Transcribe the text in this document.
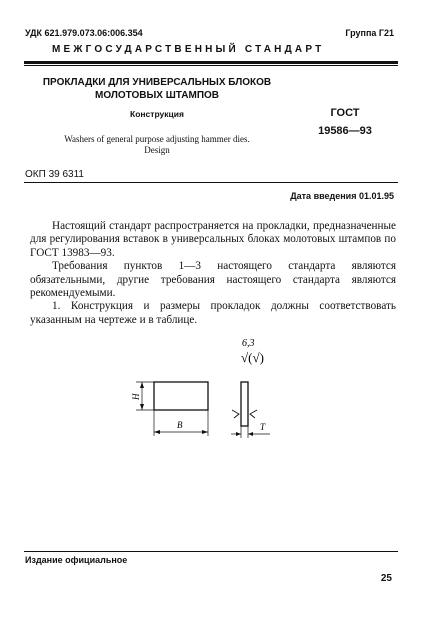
УДК 621.979.073.06:006.354	Группа Г21
МЕЖГОСУДАРСТВЕННЫЙ СТАНДАРТ
ПРОКЛАДКИ ДЛЯ УНИВЕРСАЛЬНЫХ БЛОКОВ
МОЛОТОВЫХ ШТАМПОВ
ГОСТ
19586—93
Конструкция
Washers of general purpose adjusting hammer dies.
Design
ОКП 39 6311
Дата введения 01.01.95

Настоящий стандарт распространяется на прокладки, предназначенные для регулирования вставок в универсальных блоках молотовых штампов по ГОСТ 13983—93.

Требования пунктов 1—3 настоящего стандарта являются обязательными, другие требования настоящего стандарта являются рекомендуемыми.

1. Конструкция и размеры прокладок должны соответствовать указанным на чертеже и в таблице.

6,3
√(√)
H
B	T
Издание официальное
25
